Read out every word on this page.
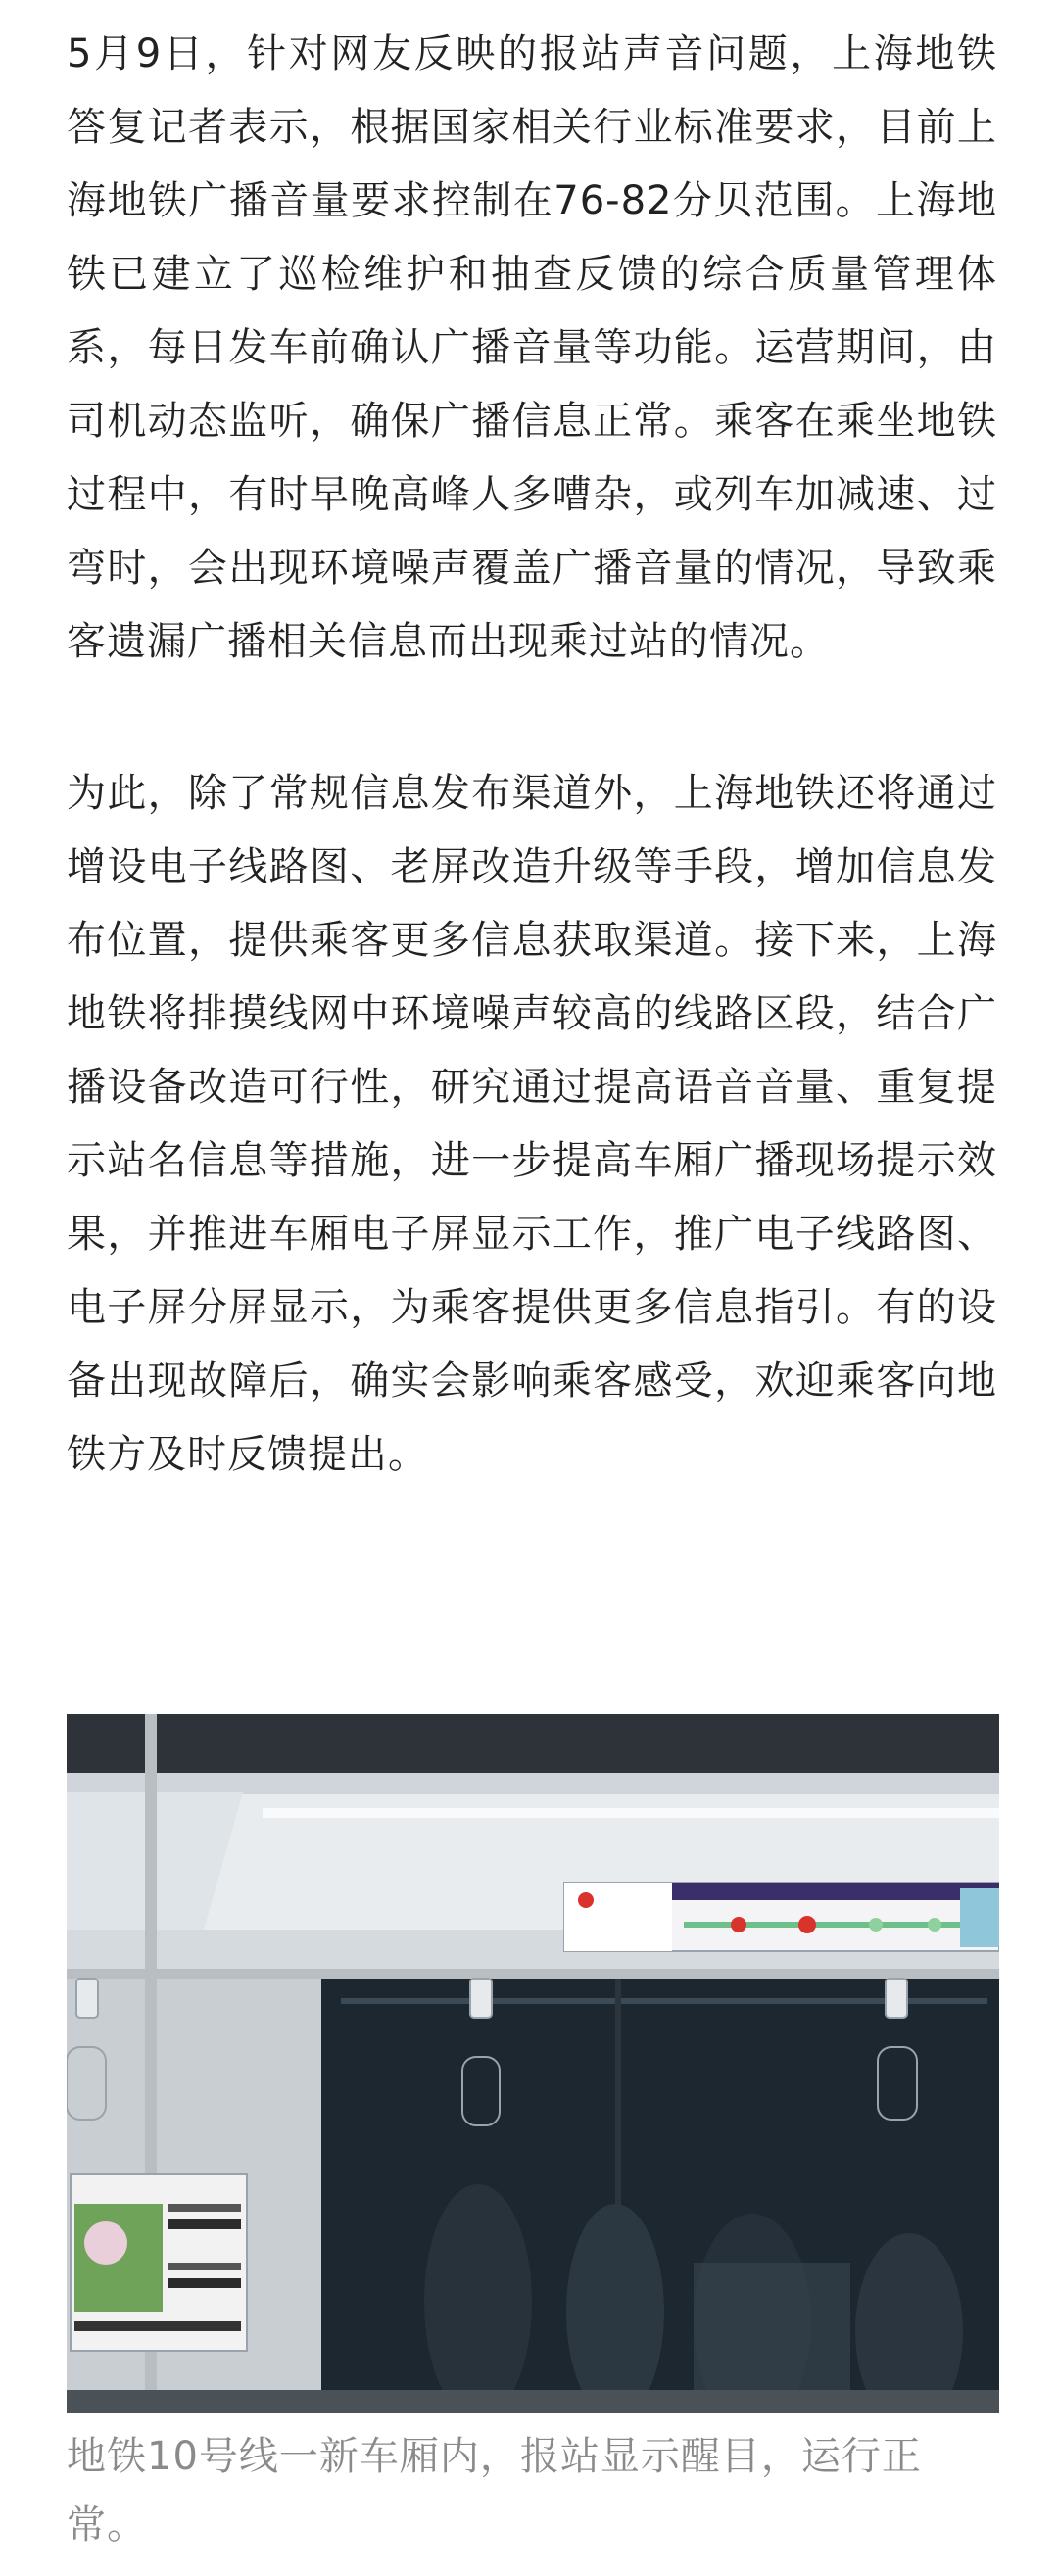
5月9日，针对网友反映的报站声音问题，上海地铁答复记者表示，根据国家相关行业标准要求，目前上海地铁广播音量要求控制在76-82分贝范围。上海地铁已建立了巡检维护和抽查反馈的综合质量管理体系，每日发车前确认广播音量等功能。运营期间，由司机动态监听，确保广播信息正常。乘客在乘坐地铁过程中，有时早晚高峰人多嘈杂，或列车加减速、过弯时，会出现环境噪声覆盖广播音量的情况，导致乘客遗漏广播相关信息而出现乘过站的情况。

为此，除了常规信息发布渠道外，上海地铁还将通过增设电子线路图、老屏改造升级等手段，增加信息发布位置，提供乘客更多信息获取渠道。接下来，上海地铁将排摸线网中环境噪声较高的线路区段，结合广播设备改造可行性，研究通过提高语音音量、重复提示站名信息等措施，进一步提高车厢广播现场提示效果，并推进车厢电子屏显示工作，推广电子线路图、电子屏分屏显示，为乘客提供更多信息指引。有的设备出现故障后，确实会影响乘客感受，欢迎乘客向地铁方及时反馈提出。

地铁10号线一新车厢内，报站显示醒目，运行正常。
